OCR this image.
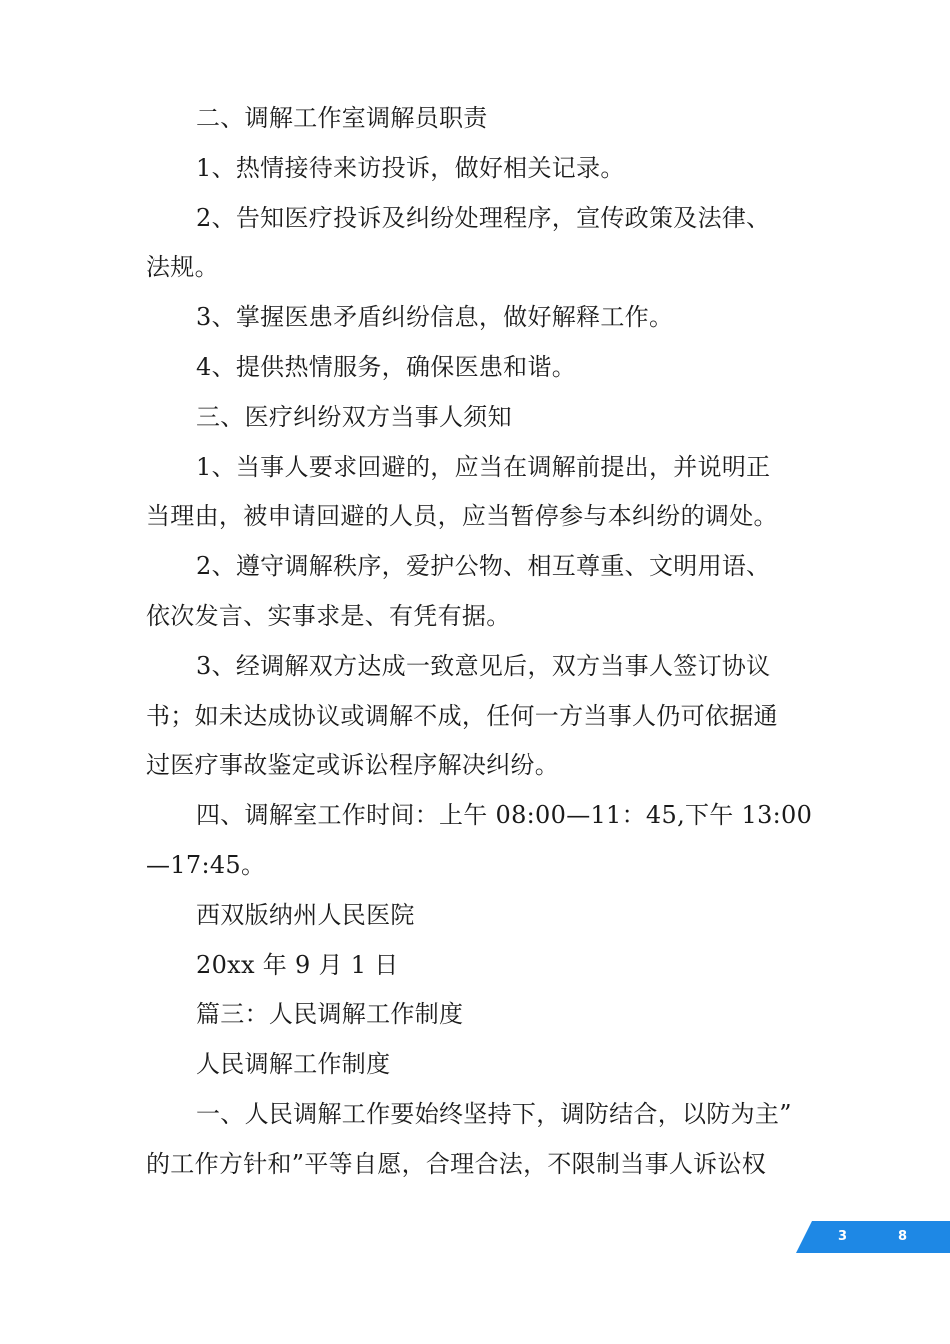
二、调解工作室调解员职责
1、热情接待来访投诉，做好相关记录。
2、告知医疗投诉及纠纷处理程序，宣传政策及法律、
法规。
3、掌握医患矛盾纠纷信息，做好解释工作。
4、提供热情服务，确保医患和谐。
三、医疗纠纷双方当事人须知
1、当事人要求回避的，应当在调解前提出，并说明正
当理由，被申请回避的人员，应当暂停参与本纠纷的调处。
2、遵守调解秩序，爱护公物、相互尊重、文明用语、
依次发言、实事求是、有凭有据。
3、经调解双方达成一致意见后，双方当事人签订协议
书；如未达成协议或调解不成，任何一方当事人仍可依据通
过医疗事故鉴定或诉讼程序解决纠纷。
四、调解室工作时间：上午 08:00—11：45,下午 13:00
—17:45。
西双版纳州人民医院
20xx 年 9 月 1 日
篇三：人民调解工作制度
人民调解工作制度
一、人民调解工作要始终坚持下，调防结合，以防为主”
的工作方针和”平等自愿，合理合法，不限制当事人诉讼权
3	8
